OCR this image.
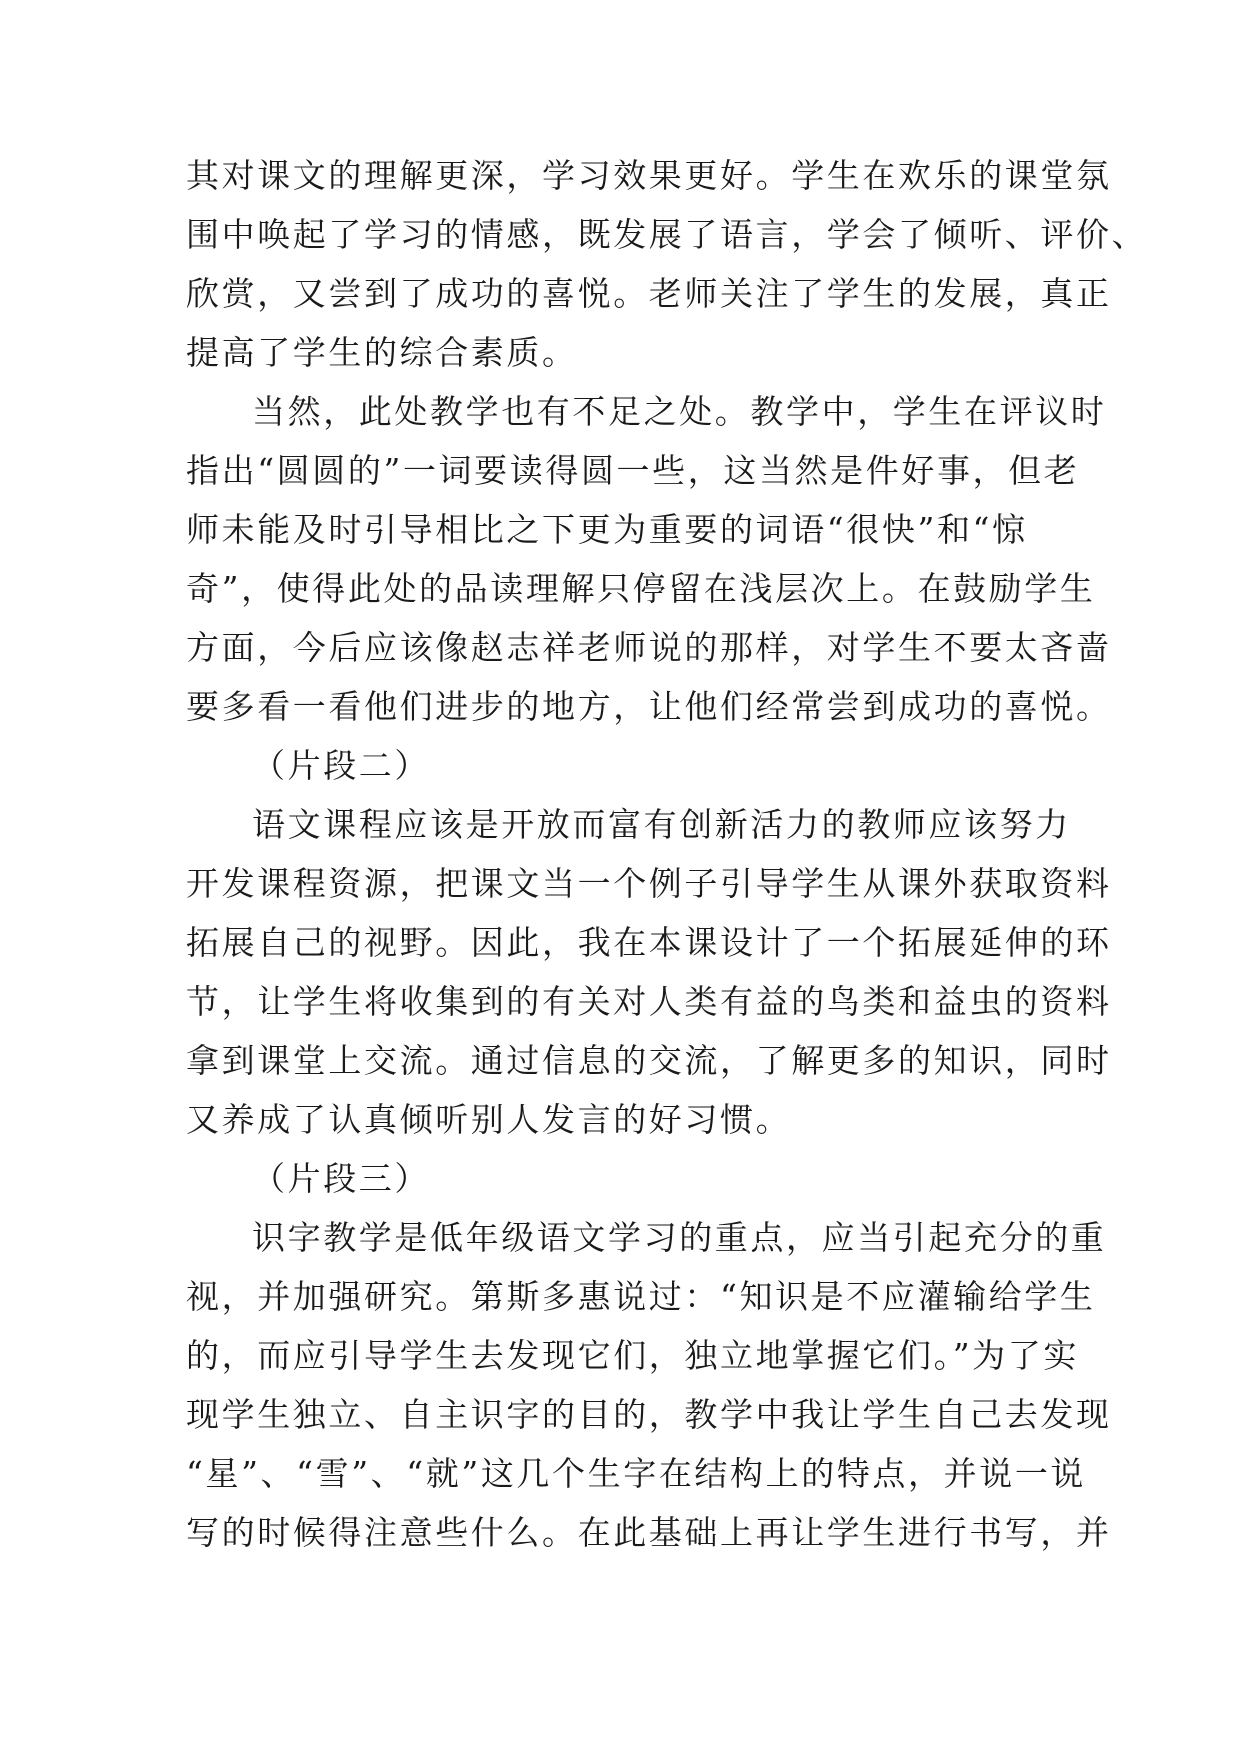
其对课文的理解更深，学习效果更好。学生在欢乐的课堂氛
围中唤起了学习的情感，既发展了语言，学会了倾听、评价、
欣赏，又尝到了成功的喜悦。老师关注了学生的发展，真正
提高了学生的综合素质。
当然，此处教学也有不足之处。教学中，学生在评议时
指出“圆圆的”一词要读得圆一些，这当然是件好事，但老
师未能及时引导相比之下更为重要的词语“很快”和“惊
奇”，使得此处的品读理解只停留在浅层次上。在鼓励学生
方面，今后应该像赵志祥老师说的那样，对学生不要太吝啬
要多看一看他们进步的地方，让他们经常尝到成功的喜悦。
（片段二）
语文课程应该是开放而富有创新活力的教师应该努力
开发课程资源，把课文当一个例子引导学生从课外获取资料
拓展自己的视野。因此，我在本课设计了一个拓展延伸的环
节，让学生将收集到的有关对人类有益的鸟类和益虫的资料
拿到课堂上交流。通过信息的交流，了解更多的知识，同时
又养成了认真倾听别人发言的好习惯。
（片段三）
识字教学是低年级语文学习的重点，应当引起充分的重
视，并加强研究。第斯多惠说过：“知识是不应灌输给学生
的，而应引导学生去发现它们，独立地掌握它们。”为了实
现学生独立、自主识字的目的，教学中我让学生自己去发现
“星”、“雪”、“就”这几个生字在结构上的特点，并说一说
写的时候得注意些什么。在此基础上再让学生进行书写，并
